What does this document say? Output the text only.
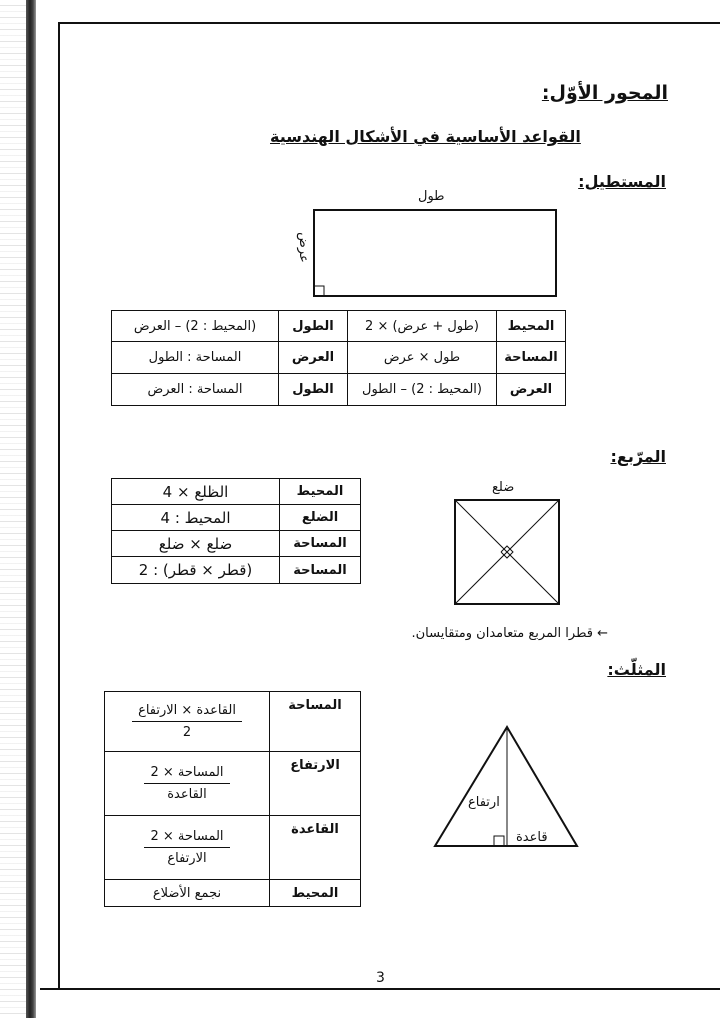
المحور الأوّل:
القواعد الأساسية في الأشكال الهندسية
المستطيل:
طول
عرض
المحيط	(طول + عرض) × 2	الطول	(المحيط : 2) – العرض
المساحة	طول × عرض	العرض	المساحة : الطول
العرض	(المحيط : 2) – الطول	الطول	المساحة : العرض
المرّبع:
المحيط	الظلع × 4
الضلع	المحيط : 4
المساحة	ضلع × ضلع
المساحة	(قطر × قطر) : 2
ضلع
← قطرا المربع متعامدان ومتقايسان.
المثلّث:
المساحة	$\frac{\text{القاعدة × الارتفاع}}{2}$

الارتفاع	$\frac{\text{المساحة × 2}}{\text{القاعدة}}$

القاعدة	$\frac{\text{المساحة × 2}}{\text{الارتفاع}}$

المحيط	نجمع الأضلاع
ارتفاع
قاعدة
3
